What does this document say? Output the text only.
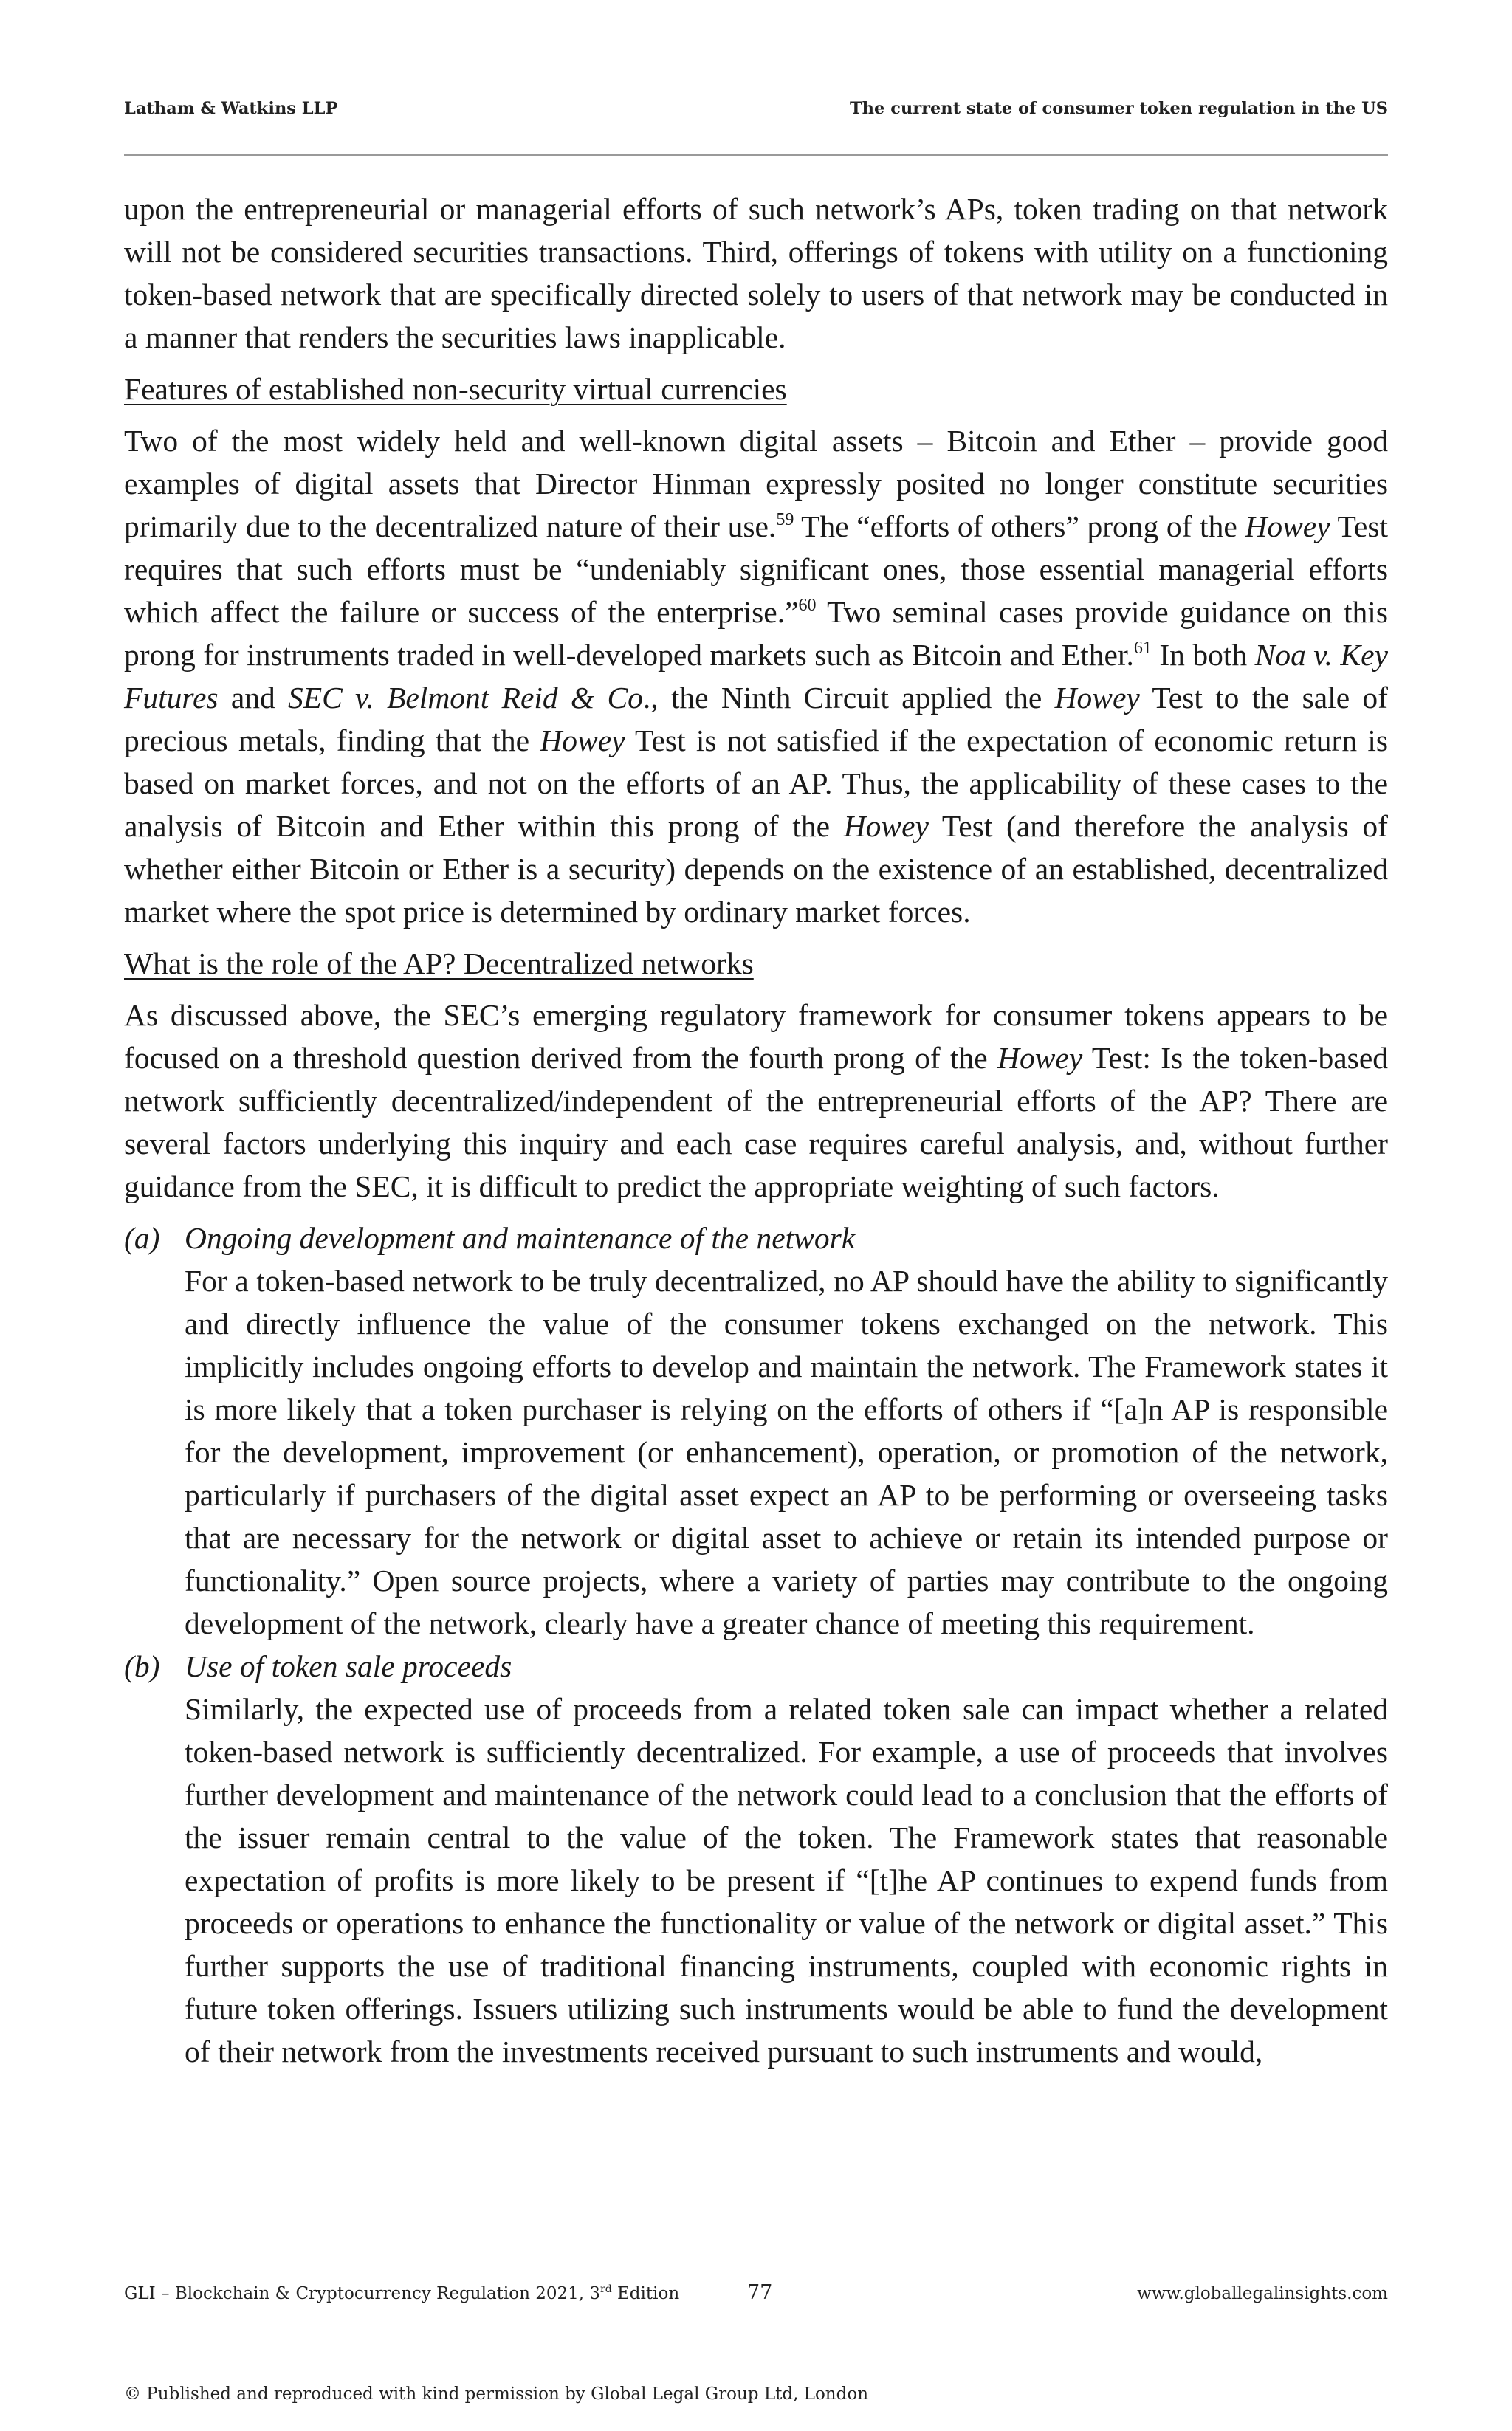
Latham & Watkins LLP	The current state of consumer token regulation in the US

upon the entrepreneurial or managerial efforts of such network’s APs, token trading on that network will not be considered securities transactions. Third, offerings of tokens with utility on a functioning token-based network that are specifically directed solely to users of that network may be conducted in a manner that renders the securities laws inapplicable.

Features of established non-security virtual currencies

Two of the most widely held and well-known digital assets – Bitcoin and Ether – provide good examples of digital assets that Director Hinman expressly posited no longer constitute securities primarily due to the decentralized nature of their use.$^{59}$ The “efforts of others” prong of the Howey Test requires that such efforts must be “undeniably significant ones, those essential managerial efforts which affect the failure or success of the enterprise.”$^{60}$ Two seminal cases provide guidance on this prong for instruments traded in well-developed markets such as Bitcoin and Ether.$^{61}$ In both Noa v. Key Futures and SEC v. Belmont Reid & Co., the Ninth Circuit applied the Howey Test to the sale of precious metals, finding that the Howey Test is not satisfied if the expectation of economic return is based on market forces, and not on the efforts of an AP. Thus, the applicability of these cases to the analysis of Bitcoin and Ether within this prong of the Howey Test (and therefore the analysis of whether either Bitcoin or Ether is a security) depends on the existence of an established, decentralized market where the spot price is determined by ordinary market forces.

What is the role of the AP? Decentralized networks

As discussed above, the SEC’s emerging regulatory framework for consumer tokens appears to be focused on a threshold question derived from the fourth prong of the Howey Test: Is the token-based network sufficiently decentralized/independent of the entrepreneurial efforts of the AP? There are several factors underlying this inquiry and each case requires careful analysis, and, without further guidance from the SEC, it is difficult to predict the appropriate weighting of such factors.

(a) Ongoing development and maintenance of the network

For a token-based network to be truly decentralized, no AP should have the ability to significantly and directly influence the value of the consumer tokens exchanged on the network. This implicitly includes ongoing efforts to develop and maintain the network. The Framework states it is more likely that a token purchaser is relying on the efforts of others if “[a]n AP is responsible for the development, improvement (or enhancement), operation, or promotion of the network, particularly if purchasers of the digital asset expect an AP to be performing or overseeing tasks that are necessary for the network or digital asset to achieve or retain its intended purpose or functionality.” Open source projects, where a variety of parties may contribute to the ongoing development of the network, clearly have a greater chance of meeting this requirement.

(b) Use of token sale proceeds

Similarly, the expected use of proceeds from a related token sale can impact whether a related token-based network is sufficiently decentralized. For example, a use of proceeds that involves further development and maintenance of the network could lead to a conclusion that the efforts of the issuer remain central to the value of the token. The Framework states that reasonable expectation of profits is more likely to be present if “[t]he AP continues to expend funds from proceeds or operations to enhance the functionality or value of the network or digital asset.” This further supports the use of traditional financing instruments, coupled with economic rights in future token offerings. Issuers utilizing such instruments would be able to fund the development of their network from the investments received pursuant to such instruments and would,

GLI – Blockchain & Cryptocurrency Regulation 2021, 3rd Edition	77	www.globallegalinsights.com
© Published and reproduced with kind permission by Global Legal Group Ltd, London
